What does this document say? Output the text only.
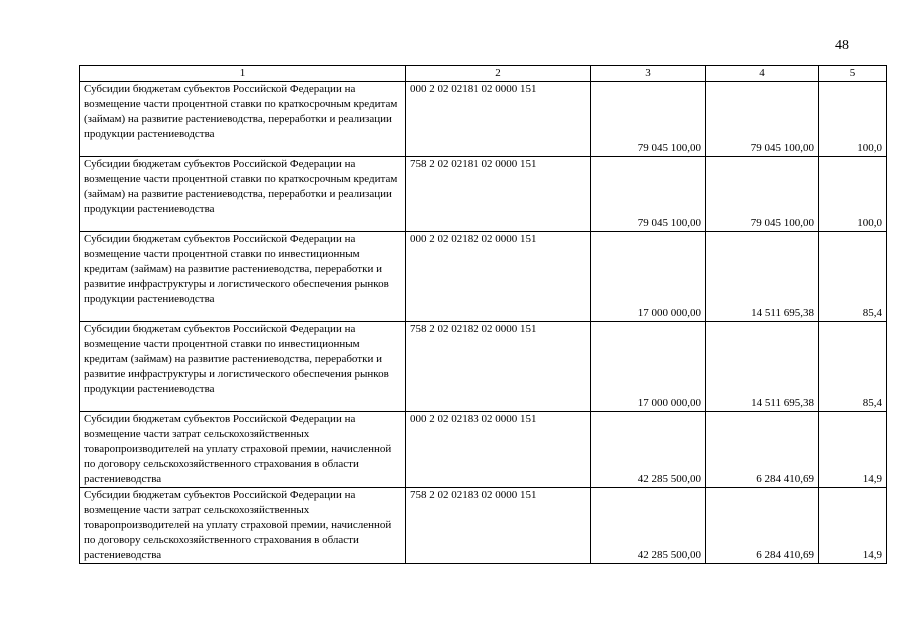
48
1	2	3	4	5
Субсидии бюджетам субъектов Российской Федерации на возмещение части процентной ставки по краткосрочным кредитам (займам) на развитие растениеводства, переработки и реализации продукции растениеводства	000 2 02 02181 02 0000 151	79 045 100,00	79 045 100,00	100,0
Субсидии бюджетам субъектов Российской Федерации на возмещение части процентной ставки по краткосрочным кредитам (займам) на развитие растениеводства, переработки и реализации продукции растениеводства	758 2 02 02181 02 0000 151	79 045 100,00	79 045 100,00	100,0
Субсидии бюджетам субъектов Российской Федерации на возмещение части процентной ставки по инвестиционным кредитам (займам) на развитие растениеводства, переработки и развитие инфраструктуры и логистического обеспечения рынков продукции растениеводства	000 2 02 02182 02 0000 151	17 000 000,00	14 511 695,38	85,4
Субсидии бюджетам субъектов Российской Федерации на возмещение части процентной ставки по инвестиционным кредитам (займам) на развитие растениеводства, переработки и развитие инфраструктуры и логистического обеспечения рынков продукции растениеводства	758 2 02 02182 02 0000 151	17 000 000,00	14 511 695,38	85,4
Субсидии бюджетам субъектов Российской Федерации на возмещение части затрат сельскохозяйственных товаропроизводителей на уплату страховой премии, начисленной по договору сельскохозяйственного страхования в области растениеводства	000 2 02 02183 02 0000 151	42 285 500,00	6 284 410,69	14,9
Субсидии бюджетам субъектов Российской Федерации на возмещение части затрат сельскохозяйственных товаропроизводителей на уплату страховой премии, начисленной по договору сельскохозяйственного страхования в области растениеводства	758 2 02 02183 02 0000 151	42 285 500,00	6 284 410,69	14,9
